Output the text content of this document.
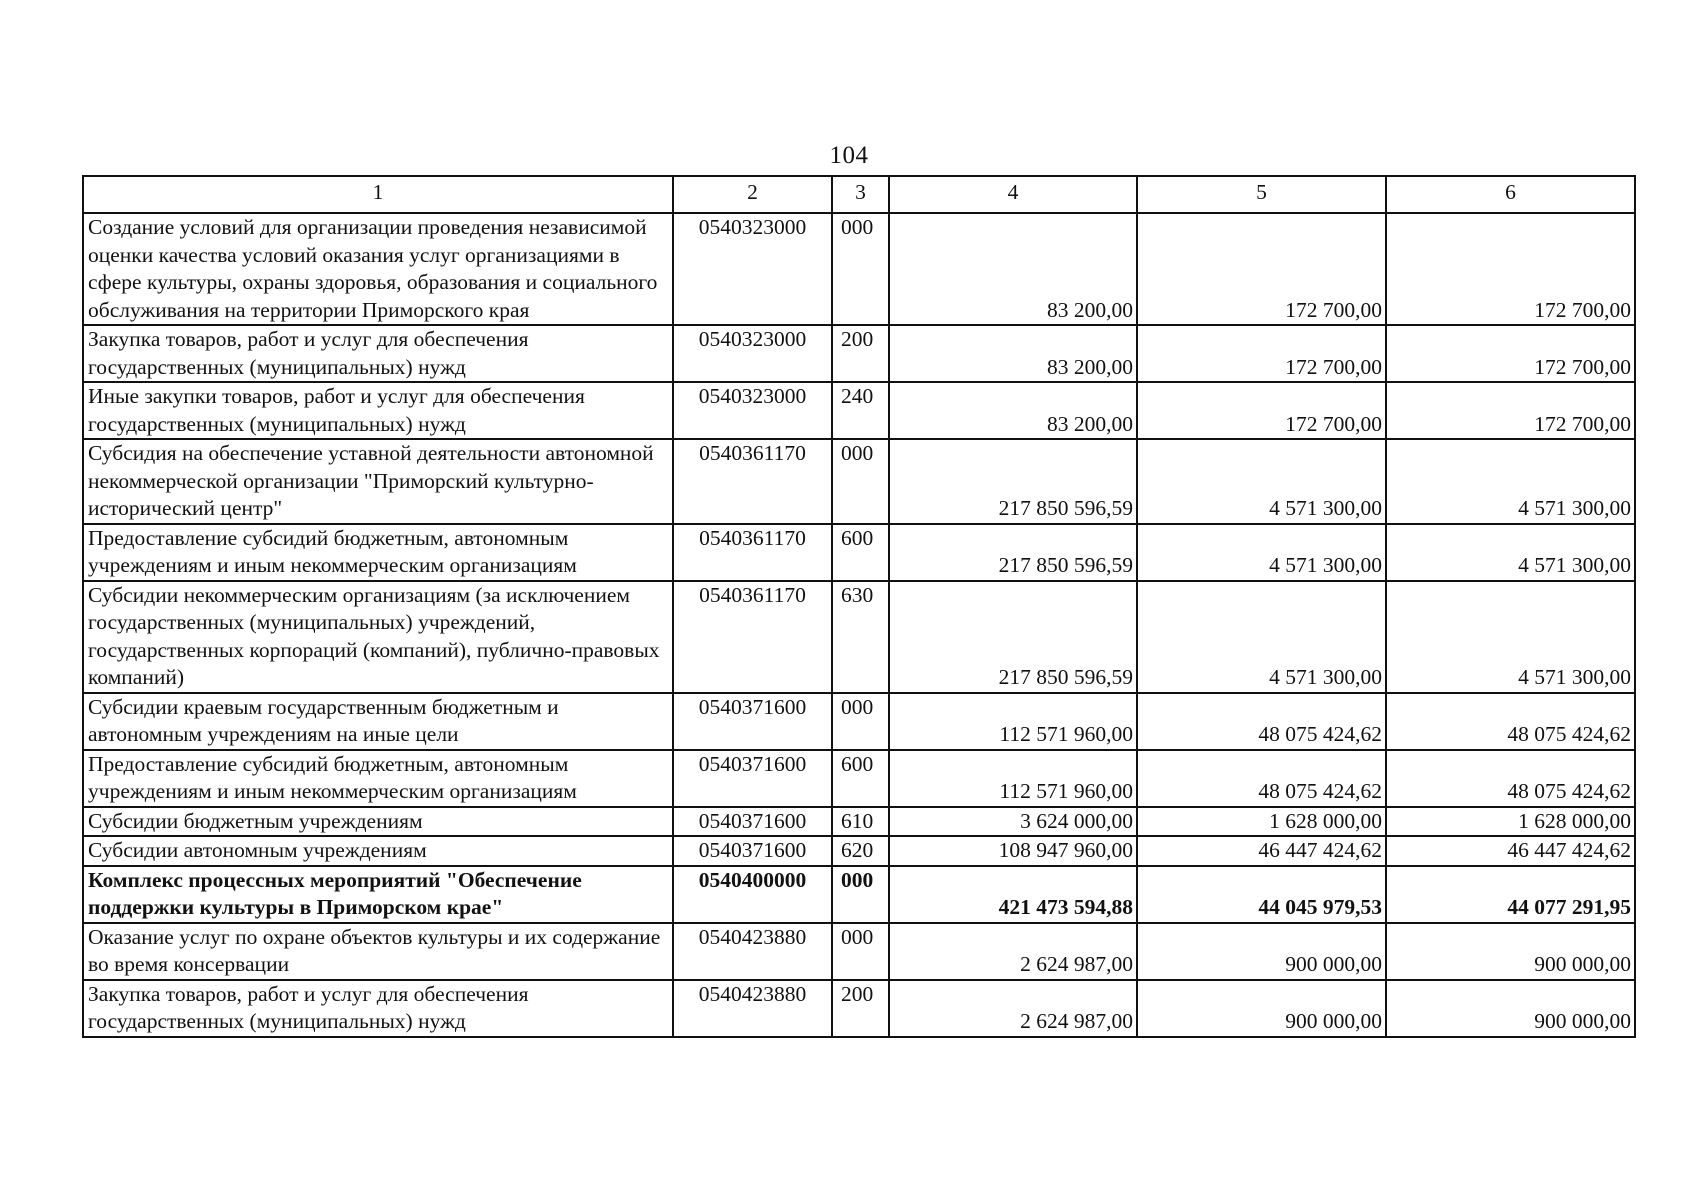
104
1	2	3	4	5	6
Создание условий для организации проведения независимой оценки качества условий оказания услуг организациями в сфере культуры, охраны здоровья, образования и социального обслуживания на территории Приморского края	0540323000	000	83 200,00	172 700,00	172 700,00
Закупка товаров, работ и услуг для обеспечения государственных (муниципальных) нужд	0540323000	200	83 200,00	172 700,00	172 700,00
Иные закупки товаров, работ и услуг для обеспечения государственных (муниципальных) нужд	0540323000	240	83 200,00	172 700,00	172 700,00
Субсидия на обеспечение уставной деятельности автономной некоммерческой организации "Приморский культурно-исторический центр"	0540361170	000	217 850 596,59	4 571 300,00	4 571 300,00
Предоставление субсидий бюджетным, автономным учреждениям и иным некоммерческим организациям	0540361170	600	217 850 596,59	4 571 300,00	4 571 300,00
Субсидии некоммерческим организациям (за исключением государственных (муниципальных) учреждений, государственных корпораций (компаний), публично-правовых компаний)	0540361170	630	217 850 596,59	4 571 300,00	4 571 300,00
Субсидии краевым государственным бюджетным и автономным учреждениям на иные цели	0540371600	000	112 571 960,00	48 075 424,62	48 075 424,62
Предоставление субсидий бюджетным, автономным учреждениям и иным некоммерческим организациям	0540371600	600	112 571 960,00	48 075 424,62	48 075 424,62
Субсидии бюджетным учреждениям	0540371600	610	3 624 000,00	1 628 000,00	1 628 000,00
Субсидии автономным учреждениям	0540371600	620	108 947 960,00	46 447 424,62	46 447 424,62
Комплекс процессных мероприятий "Обеспечение поддержки культуры в Приморском крае"	0540400000	000	421 473 594,88	44 045 979,53	44 077 291,95
Оказание услуг по охране объектов культуры и их содержание во время консервации	0540423880	000	2 624 987,00	900 000,00	900 000,00
Закупка товаров, работ и услуг для обеспечения государственных (муниципальных) нужд	0540423880	200	2 624 987,00	900 000,00	900 000,00
